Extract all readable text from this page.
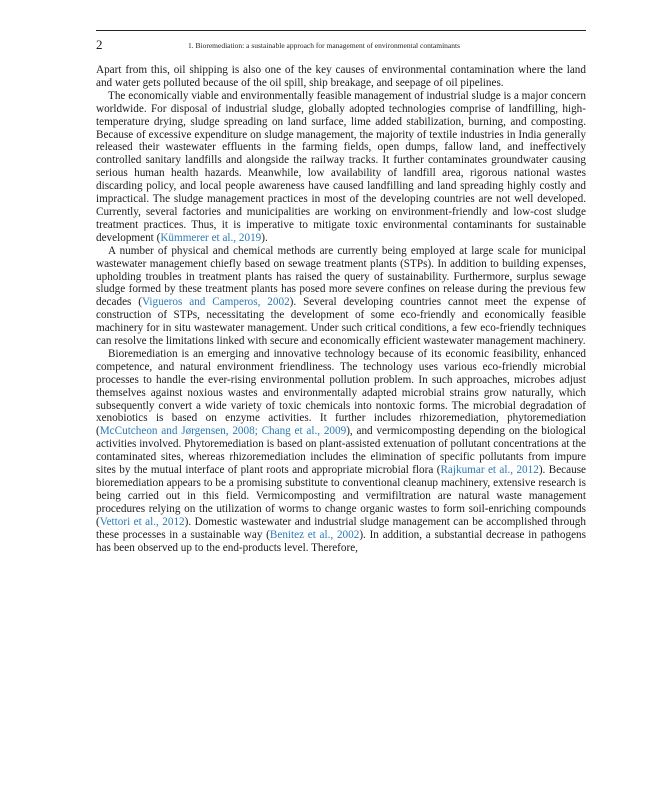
2	1. Bioremediation: a sustainable approach for management of environmental contaminants

Apart from this, oil shipping is also one of the key causes of environmental contamination where the land and water gets polluted because of the oil spill, ship breakage, and seepage of oil pipelines.

The economically viable and environmentally feasible management of industrial sludge is a major concern worldwide. For disposal of industrial sludge, globally adopted technologies comprise of landfilling, high-temperature drying, sludge spreading on land surface, lime added stabilization, burning, and composting. Because of excessive expenditure on sludge management, the majority of textile industries in India generally released their wastewater effluents in the farming fields, open dumps, fallow land, and ineffectively controlled sanitary landfills and alongside the railway tracks. It further contaminates groundwater causing serious human health hazards. Meanwhile, low availability of landfill area, rigorous national wastes discarding policy, and local people awareness have caused landfilling and land spreading highly costly and impractical. The sludge management practices in most of the developing countries are not well developed. Currently, several factories and municipalities are working on environment-friendly and low-cost sludge treatment practices. Thus, it is imperative to mitigate toxic environmental contaminants for sustainable development (Kümmerer et al., 2019).

A number of physical and chemical methods are currently being employed at large scale for municipal wastewater management chiefly based on sewage treatment plants (STPs). In addition to building expenses, upholding troubles in treatment plants has raised the query of sustainability. Furthermore, surplus sewage sludge formed by these treatment plants has posed more severe confines on release during the previous few decades (Vigueros and Camperos, 2002). Several developing countries cannot meet the expense of construction of STPs, necessitating the development of some eco-friendly and economically feasible machinery for in situ wastewater management. Under such critical conditions, a few eco-friendly techniques can resolve the limitations linked with secure and economically efficient wastewater management machinery.

Bioremediation is an emerging and innovative technology because of its economic feasibility, enhanced competence, and natural environment friendliness. The technology uses various eco-friendly microbial processes to handle the ever-rising environmental pollution problem. In such approaches, microbes adjust themselves against noxious wastes and environmentally adapted microbial strains grow naturally, which subsequently convert a wide variety of toxic chemicals into nontoxic forms. The microbial degradation of xenobiotics is based on enzyme activities. It further includes rhizoremediation, phytoremediation (McCutcheon and Jørgensen, 2008; Chang et al., 2009), and vermicomposting depending on the biological activities involved. Phytoremediation is based on plant-assisted extenuation of pollutant concentrations at the contaminated sites, whereas rhizoremediation includes the elimination of specific pollutants from impure sites by the mutual interface of plant roots and appropriate microbial flora (Rajkumar et al., 2012). Because bioremediation appears to be a promising substitute to conventional cleanup machinery, extensive research is being carried out in this field. Vermicomposting and vermifiltration are natural waste management procedures relying on the utilization of worms to change organic wastes to form soil-enriching compounds (Vettori et al., 2012). Domestic wastewater and industrial sludge management can be accomplished through these processes in a sustainable way (Benitez et al., 2002). In addition, a substantial decrease in pathogens has been observed up to the end-products level. Therefore,
